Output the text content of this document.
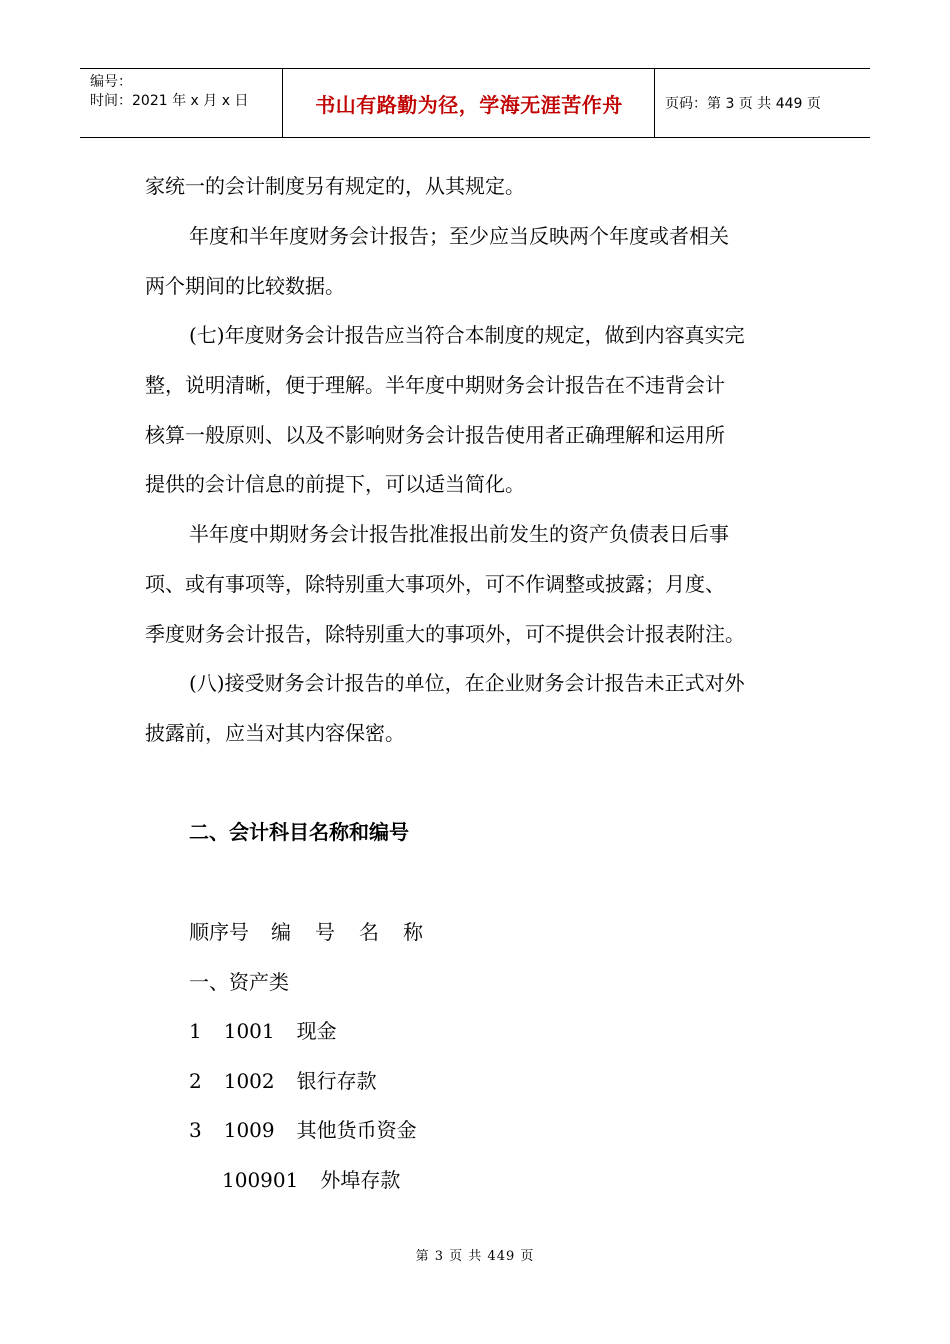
编号：
时间：2021 年 x 月 x 日	书山有路勤为径，学海无涯苦作舟	页码：第 3 页 共 449 页
家统一的会计制度另有规定的，从其规定。
年度和半年度财务会计报告；至少应当反映两个年度或者相关
两个期间的比较数据。
(七)年度财务会计报告应当符合本制度的规定，做到内容真实完
整，说明清晰，便于理解。半年度中期财务会计报告在不违背会计
核算一般原则、以及不影响财务会计报告使用者正确理解和运用所
提供的会计信息的前提下，可以适当简化。
半年度中期财务会计报告批准报出前发生的资产负债表日后事
项、或有事项等，除特别重大事项外，可不作调整或披露；月度、
季度财务会计报告，除特别重大的事项外，可不提供会计报表附注。
(八)接受财务会计报告的单位，在企业财务会计报告未正式对外
披露前，应当对其内容保密。
二、会计科目名称和编号
顺序号 编 号 名 称
一、资产类
1 1001 现金
2 1002 银行存款
3 1009 其他货币资金
100901 外埠存款
第 3 页 共 449 页
